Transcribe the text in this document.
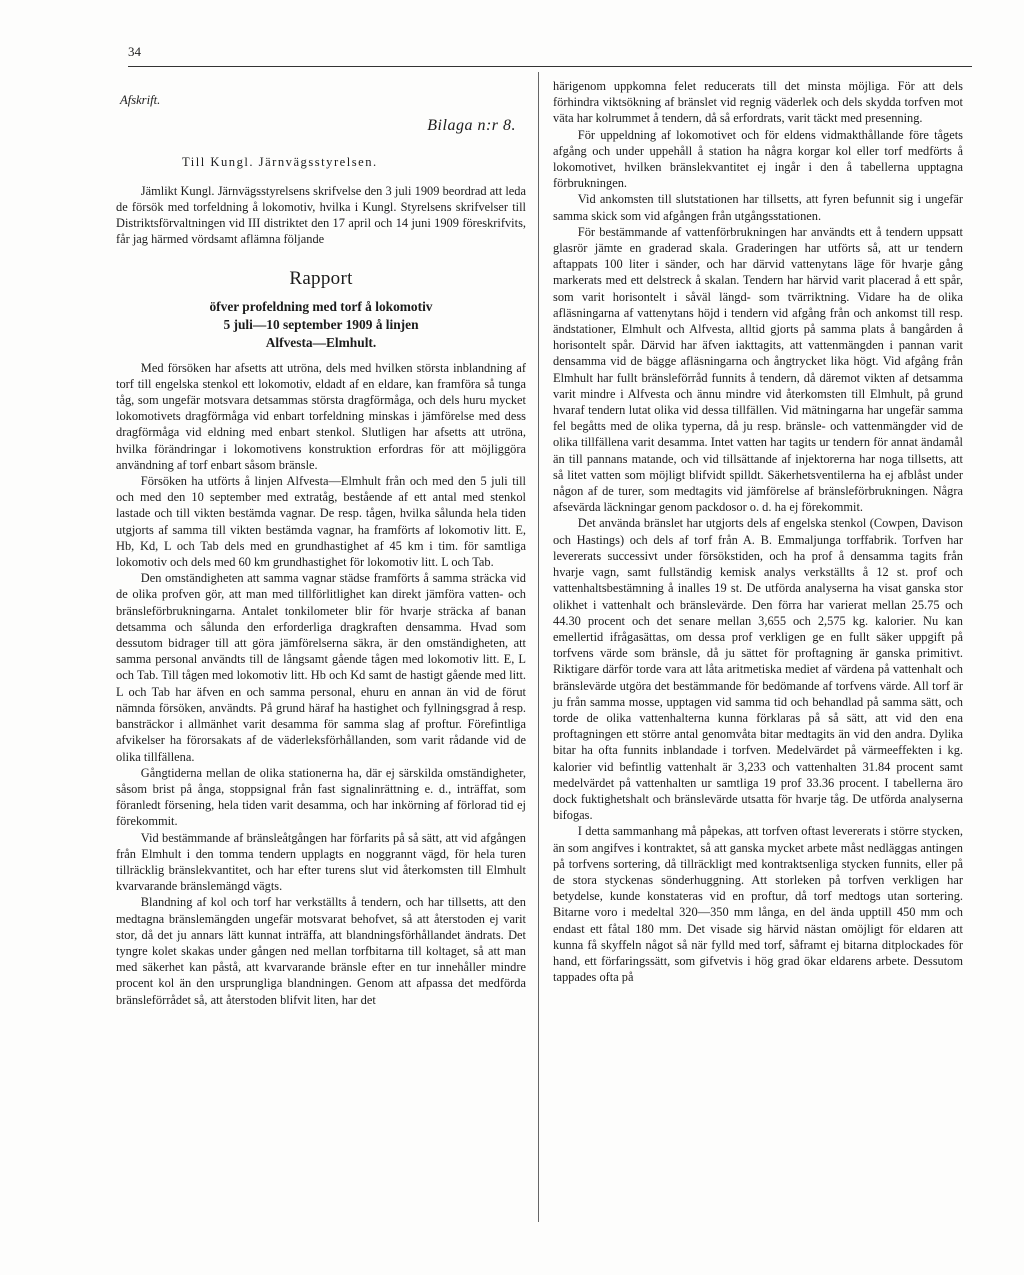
34
Afskrift.
Bilaga n:r 8.
Till Kungl. Järnvägsstyrelsen.

Jämlikt Kungl. Järnvägsstyrelsens skrifvelse den 3 juli 1909 beordrad att leda de försök med torfeldning å lokomotiv, hvilka i Kungl. Styrelsens skrifvelser till Distriktsförvaltningen vid III distriktet den 17 april och 14 juni 1909 föreskrifvits, får jag härmed vördsamt aflämna följande

Rapport
öfver profeldning med torf å lokomotiv
5 juli—10 september 1909 å linjen
Alfvesta—Elmhult.

Med försöken har afsetts att utröna, dels med hvilken största inblandning af torf till engelska stenkol ett lokomotiv, eldadt af en eldare, kan framföra så tunga tåg, som ungefär motsvara detsammas största dragförmåga, och dels huru mycket lokomotivets dragförmåga vid enbart torfeldning minskas i jämförelse med dess dragförmåga vid eldning med enbart stenkol. Slutligen har afsetts att utröna, hvilka förändringar i lokomotivens konstruktion erfordras för att möjliggöra användning af torf enbart såsom bränsle.

Försöken ha utförts å linjen Alfvesta—Elmhult från och med den 5 juli till och med den 10 september med extratåg, bestående af ett antal med stenkol lastade och till vikten bestämda vagnar. De resp. tågen, hvilka sålunda hela tiden utgjorts af samma till vikten bestämda vagnar, ha framförts af lokomotiv litt. E, Hb, Kd, L och Tab dels med en grundhastighet af 45 km i tim. för samtliga lokomotiv och dels med 60 km grundhastighet för lokomotiv litt. L och Tab.

Den omständigheten att samma vagnar städse framförts å samma sträcka vid de olika profven gör, att man med tillförlitlighet kan direkt jämföra vatten- och bränsleförbrukningarna. Antalet tonkilometer blir för hvarje sträcka af banan detsamma och sålunda den erforderliga dragkraften densamma. Hvad som dessutom bidrager till att göra jämförelserna säkra, är den omständigheten, att samma personal användts till de långsamt gående tågen med lokomotiv litt. E, L och Tab. Till tågen med lokomotiv litt. Hb och Kd samt de hastigt gående med litt. L och Tab har äfven en och samma personal, ehuru en annan än vid de förut nämnda försöken, användts. På grund häraf ha hastighet och fyllningsgrad å resp. bansträckor i allmänhet varit desamma för samma slag af proftur. Förefintliga afvikelser ha förorsakats af de väderleksförhållanden, som varit rådande vid de olika tillfällena.

Gångtiderna mellan de olika stationerna ha, där ej särskilda omständigheter, såsom brist på ånga, stoppsignal från fast signalinrättning e. d., inträffat, som föranledt försening, hela tiden varit desamma, och har inkörning af förlorad tid ej förekommit.

Vid bestämmande af bränsleåtgången har förfarits på så sätt, att vid afgången från Elmhult i den tomma tendern upplagts en noggrannt vägd, för hela turen tillräcklig bränslekvantitet, och har efter turens slut vid återkomsten till Elmhult kvarvarande bränslemängd vägts.

Blandning af kol och torf har verkställts å tendern, och har tillsetts, att den medtagna bränslemängden ungefär motsvarat behofvet, så att återstoden ej varit stor, då det ju annars lätt kunnat inträffa, att blandningsförhållandet ändrats. Det tyngre kolet skakas under gången ned mellan torfbitarna till koltaget, så att man med säkerhet kan påstå, att kvarvarande bränsle efter en tur innehåller mindre procent kol än den ursprungliga blandningen. Genom att afpassa det medförda bränsleförrådet så, att återstoden blifvit liten, har det

härigenom uppkomna felet reducerats till det minsta möjliga. För att dels förhindra viktsökning af bränslet vid regnig väderlek och dels skydda torfven mot väta har kolrummet å tendern, då så erfordrats, varit täckt med presenning.

För uppeldning af lokomotivet och för eldens vidmakthållande före tågets afgång och under uppehåll å station ha några korgar kol eller torf medförts å lokomotivet, hvilken bränslekvantitet ej ingår i den å tabellerna upptagna förbrukningen.

Vid ankomsten till slutstationen har tillsetts, att fyren befunnit sig i ungefär samma skick som vid afgången från utgångsstationen.

För bestämmande af vattenförbrukningen har användts ett å tendern uppsatt glasrör jämte en graderad skala. Graderingen har utförts så, att ur tendern aftappats 100 liter i sänder, och har därvid vattenytans läge för hvarje gång markerats med ett delstreck å skalan. Tendern har härvid varit placerad å ett spår, som varit horisontelt i såväl längd- som tvärriktning. Vidare ha de olika afläsningarna af vattenytans höjd i tendern vid afgång från och ankomst till resp. ändstationer, Elmhult och Alfvesta, alltid gjorts på samma plats å bangården å horisontelt spår. Därvid har äfven iakttagits, att vattenmängden i pannan varit densamma vid de bägge afläsningarna och ångtrycket lika högt. Vid afgång från Elmhult har fullt bränsleförråd funnits å tendern, då däremot vikten af detsamma varit mindre i Alfvesta och ännu mindre vid återkomsten till Elmhult, på grund hvaraf tendern lutat olika vid dessa tillfällen. Vid mätningarna har ungefär samma fel begåtts med de olika typerna, då ju resp. bränsle- och vattenmängder vid de olika tillfällena varit desamma. Intet vatten har tagits ur tendern för annat ändamål än till pannans matande, och vid tillsättande af injektorerna har noga tillsetts, att så litet vatten som möjligt blifvidt spilldt. Säkerhetsventilerna ha ej afblåst under någon af de turer, som medtagits vid jämförelse af bränsleförbrukningen. Några afsevärda läckningar genom packdosor o. d. ha ej förekommit.

Det använda bränslet har utgjorts dels af engelska stenkol (Cowpen, Davison och Hastings) och dels af torf från A. B. Emmaljunga torffabrik. Torfven har levererats successivt under försökstiden, och ha prof å densamma tagits från hvarje vagn, samt fullständig kemisk analys verkställts å 12 st. prof och vattenhaltsbestämning å inalles 19 st. De utförda analyserna ha visat ganska stor olikhet i vattenhalt och bränslevärde. Den förra har varierat mellan 25.75 och 44.30 procent och det senare mellan 3,655 och 2,575 kg. kalorier. Nu kan emellertid ifrågasättas, om dessa prof verkligen ge en fullt säker uppgift på torfvens värde som bränsle, då ju sättet för proftagning är ganska primitivt. Riktigare därför torde vara att låta aritmetiska mediet af värdena på vattenhalt och bränslevärde utgöra det bestämmande för bedömande af torfvens värde. All torf är ju från samma mosse, upptagen vid samma tid och behandlad på samma sätt, och torde de olika vattenhalterna kunna förklaras på så sätt, att vid den ena proftagningen ett större antal genomvåta bitar medtagits än vid den andra. Dylika bitar ha ofta funnits inblandade i torfven. Medelvärdet på värmeeffekten i kg. kalorier vid befintlig vattenhalt är 3,233 och vattenhalten 31.84 procent samt medelvärdet på vattenhalten ur samtliga 19 prof 33.36 procent. I tabellerna äro dock fuktighetshalt och bränslevärde utsatta för hvarje tåg. De utförda analyserna bifogas.

I detta sammanhang må påpekas, att torfven oftast levererats i större stycken, än som angifves i kontraktet, så att ganska mycket arbete måst nedläggas antingen på torfvens sortering, då tillräckligt med kontraktsenliga stycken funnits, eller på de stora styckenas sönderhuggning. Att storleken på torfven verkligen har betydelse, kunde konstateras vid en proftur, då torf medtogs utan sortering. Bitarne voro i medeltal 320—350 mm långa, en del ända upptill 450 mm och endast ett fåtal 180 mm. Det visade sig härvid nästan omöjligt för eldaren att kunna få skyffeln något så när fylld med torf, såframt ej bitarna ditplockades för hand, ett förfaringssätt, som gifvetvis i hög grad ökar eldarens arbete. Dessutom tappades ofta på
